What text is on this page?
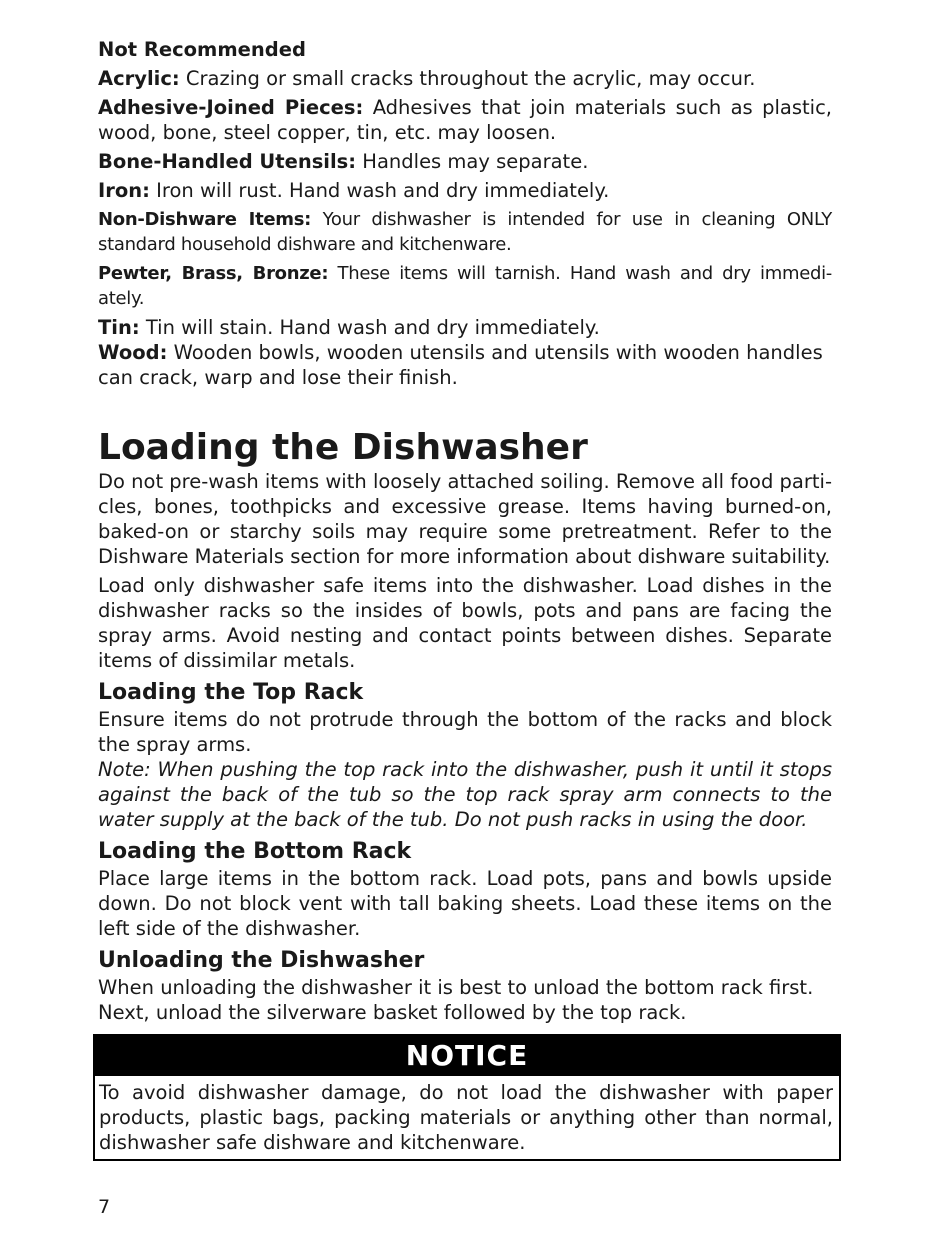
Not Recommended

Acrylic: Crazing or small cracks throughout the acrylic, may occur.

Adhesive-Joined Pieces: Adhesives that join materials such as plastic, wood, bone, steel copper, tin, etc. may loosen.

Bone-Handled Utensils: Handles may separate.

Iron: Iron will rust. Hand wash and dry immediately.

Non-Dishware Items: Your dishwasher is intended for use in cleaning ONLY standard household dishware and kitchenware.

Pewter, Brass, Bronze: These items will tarnish. Hand wash and dry immedi-ately.

Tin: Tin will stain. Hand wash and dry immediately.

Wood: Wooden bowls, wooden utensils and utensils with wooden handles can crack, warp and lose their finish.

Loading the Dishwasher

Do not pre-wash items with loosely attached soiling. Remove all food parti-cles, bones, toothpicks and excessive grease. Items having burned-on, baked-on or starchy soils may require some pretreatment. Refer to the Dishware Materials section for more information about dishware suitability.

Load only dishwasher safe items into the dishwasher. Load dishes in the dishwasher racks so the insides of bowls, pots and pans are facing the spray arms. Avoid nesting and contact points between dishes. Separate items of dissimilar metals.

Loading the Top Rack

Ensure items do not protrude through the bottom of the racks and block the spray arms.

Note: When pushing the top rack into the dishwasher, push it until it stops against the back of the tub so the top rack spray arm connects to the water supply at the back of the tub. Do not push racks in using the door.

Loading the Bottom Rack

Place large items in the bottom rack. Load pots, pans and bowls upside down. Do not block vent with tall baking sheets. Load these items on the left side of the dishwasher.

Unloading the Dishwasher

When unloading the dishwasher it is best to unload the bottom rack first. Next, unload the silverware basket followed by the top rack.

NOTICE

To avoid dishwasher damage, do not load the dishwasher with paper products, plastic bags, packing materials or anything other than normal, dishwasher safe dishware and kitchenware.

7
